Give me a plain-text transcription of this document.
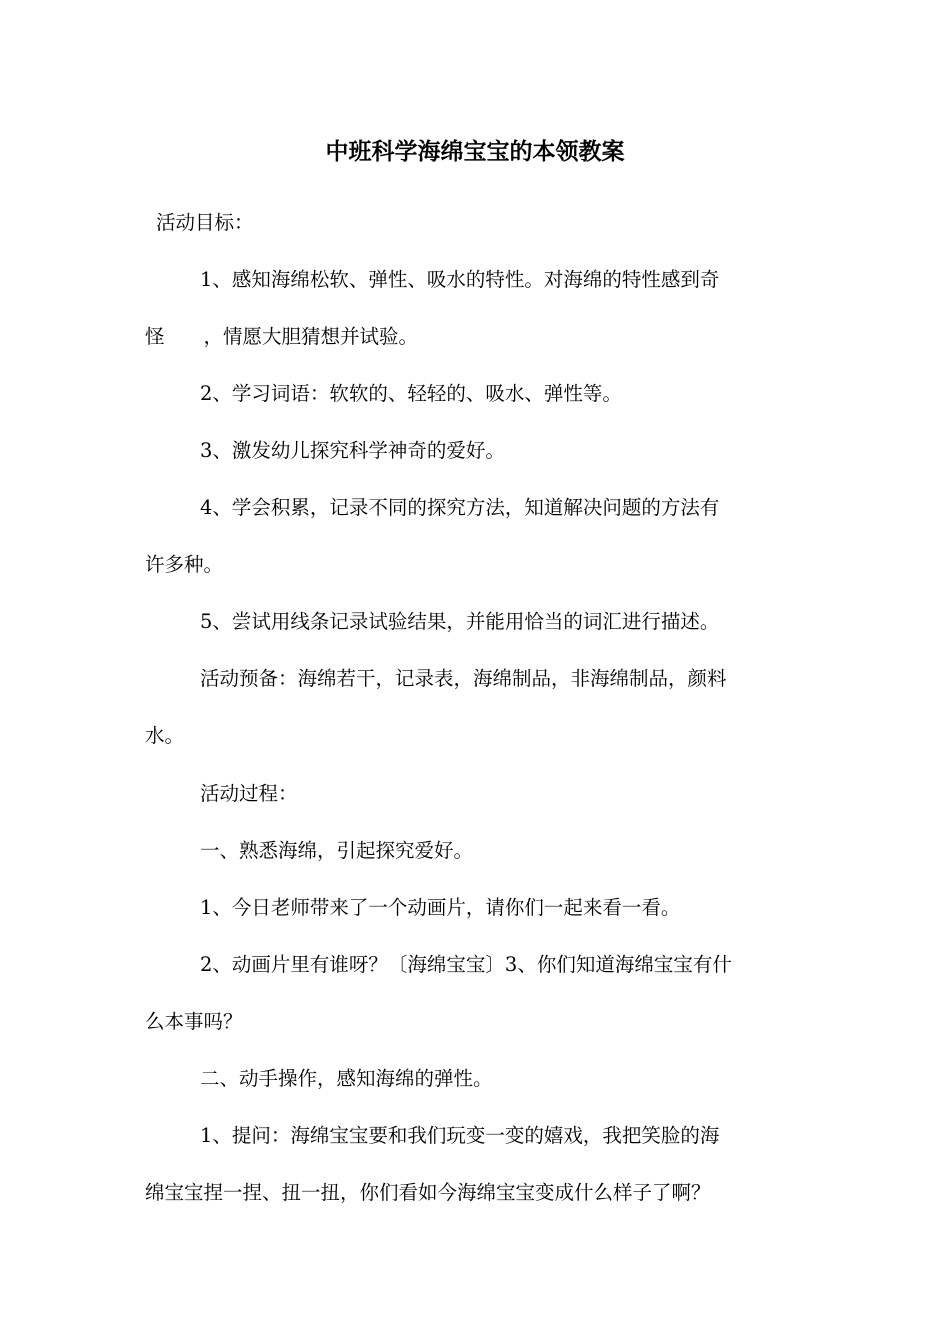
中班科学海绵宝宝的本领教案

活动目标：

1、感知海绵松软、弹性、吸水的特性。对海绵的特性感到奇

怪　　，情愿大胆猜想并试验。

2、学习词语：软软的、轻轻的、吸水、弹性等。

3、激发幼儿探究科学神奇的爱好。

4、学会积累，记录不同的探究方法，知道解决问题的方法有

许多种。

5、尝试用线条记录试验结果，并能用恰当的词汇进行描述。

活动预备：海绵若干，记录表，海绵制品，非海绵制品，颜料

水。

活动过程：

一、熟悉海绵，引起探究爱好。

1、今日老师带来了一个动画片，请你们一起来看一看。

2、动画片里有谁呀？〔海绵宝宝〕3、你们知道海绵宝宝有什

么本事吗？

二、动手操作，感知海绵的弹性。

1、提问：海绵宝宝要和我们玩变一变的嬉戏，我把笑脸的海

绵宝宝捏一捏、扭一扭，你们看如今海绵宝宝变成什么样子了啊？
